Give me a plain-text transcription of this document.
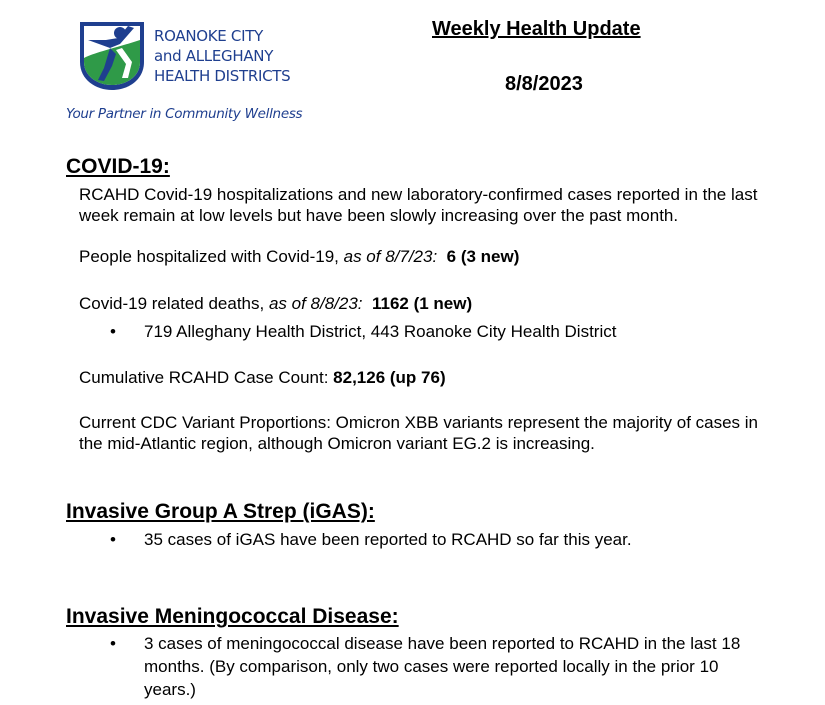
ROANOKE CITY
and ALLEGHANY
HEALTH DISTRICTS
Your Partner in Community Wellness
Weekly Health Update
8/8/2023
COVID-19:
RCAHD Covid-19 hospitalizations and new laboratory-confirmed cases reported in the last week remain at low levels but have been slowly increasing over the past month.
People hospitalized with Covid-19, as of 8/7/23: 6 (3 new)
Covid-19 related deaths, as of 8/8/23: 1162 (1 new)
•	719 Alleghany Health District, 443 Roanoke City Health District
Cumulative RCAHD Case Count: 82,126 (up 76)
Current CDC Variant Proportions: Omicron XBB variants represent the majority of cases in the mid-Atlantic region, although Omicron variant EG.2 is increasing.
Invasive Group A Strep (iGAS):
•	35 cases of iGAS have been reported to RCAHD so far this year.
Invasive Meningococcal Disease:
•	3 cases of meningococcal disease have been reported to RCAHD in the last 18 months. (By comparison, only two cases were reported locally in the prior 10 years.)
